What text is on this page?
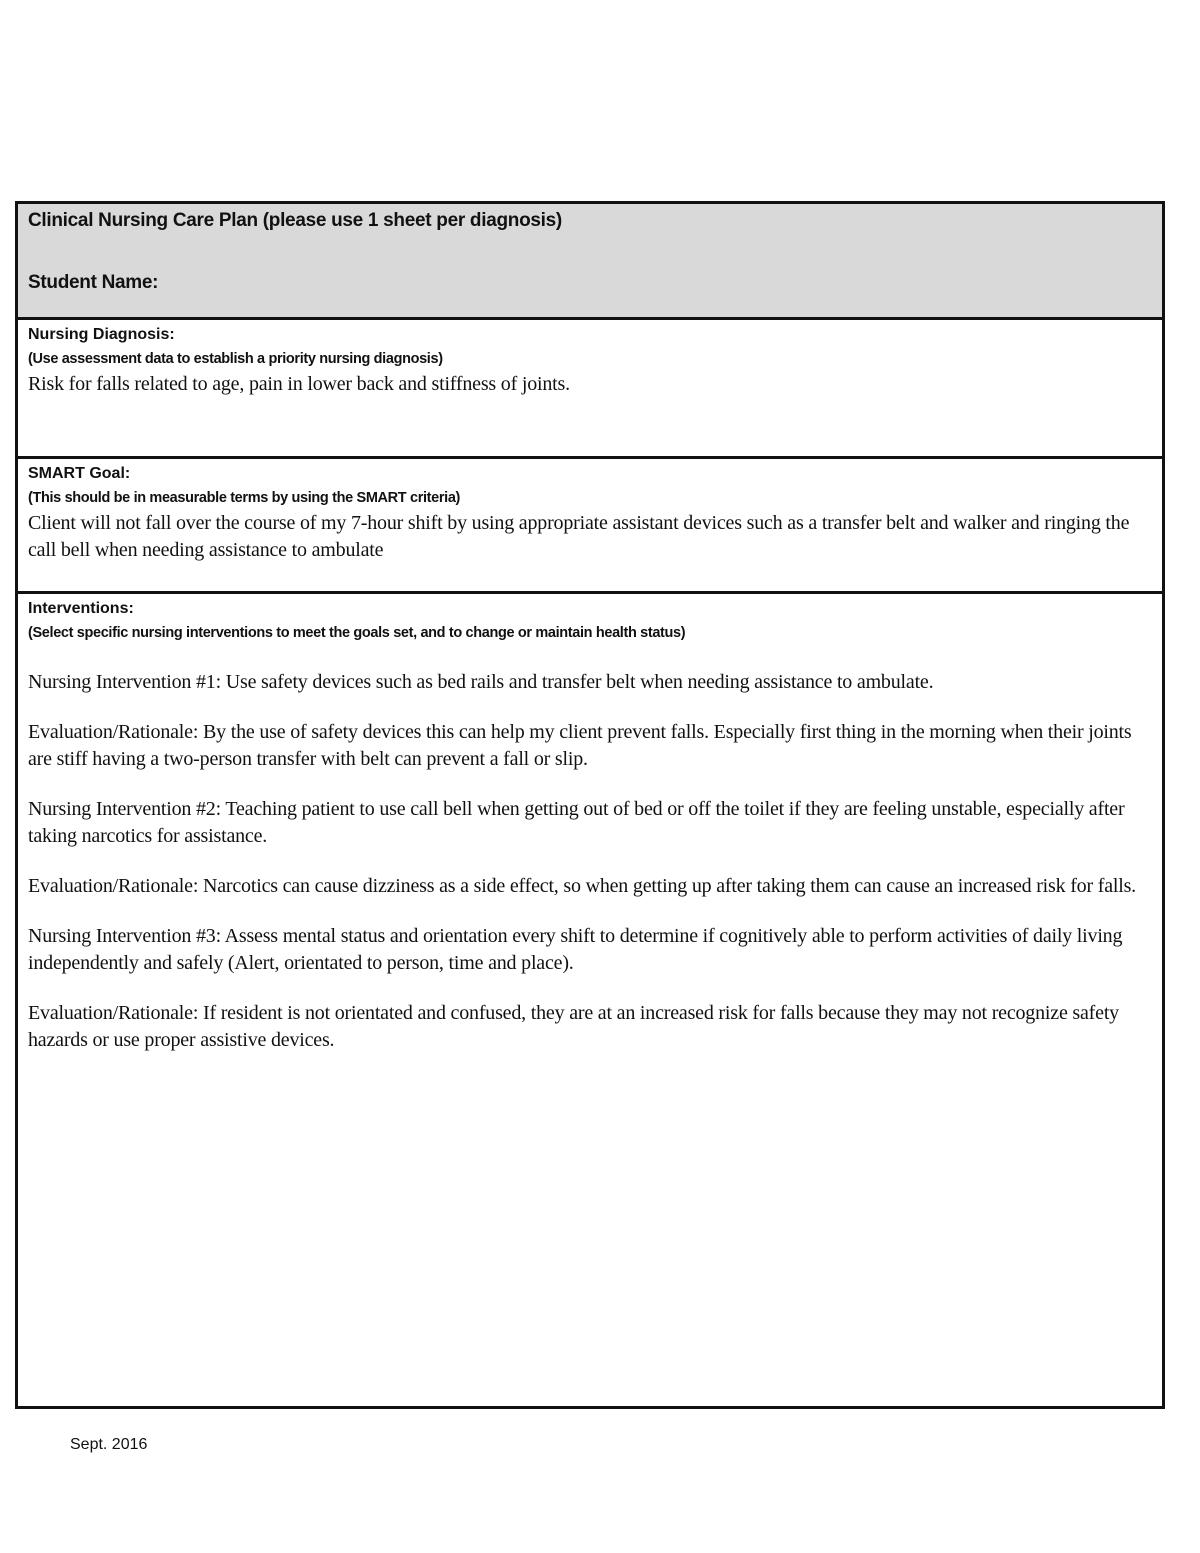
Clinical Nursing Care Plan (please use 1 sheet per diagnosis)

Student Name:

Nursing Diagnosis:

(Use assessment data to establish a priority nursing diagnosis)

Risk for falls related to age, pain in lower back and stiffness of joints.

SMART Goal:

(This should be in measurable terms by using the SMART criteria)

Client will not fall over the course of my 7-hour shift by using appropriate assistant devices such as a transfer belt and walker and ringing the call bell when needing assistance to ambulate

Interventions:

(Select specific nursing interventions to meet the goals set, and to change or maintain health status)

Nursing Intervention #1: Use safety devices such as bed rails and transfer belt when needing assistance to ambulate.

Evaluation/Rationale: By the use of safety devices this can help my client prevent falls. Especially first thing in the morning when their joints are stiff having a two-person transfer with belt can prevent a fall or slip.

Nursing Intervention #2: Teaching patient to use call bell when getting out of bed or off the toilet if they are feeling unstable, especially after taking narcotics for assistance.

Evaluation/Rationale: Narcotics can cause dizziness as a side effect, so when getting up after taking them can cause an increased risk for falls.

Nursing Intervention #3: Assess mental status and orientation every shift to determine if cognitively able to perform activities of daily living independently and safely (Alert, orientated to person, time and place).

Evaluation/Rationale: If resident is not orientated and confused, they are at an increased risk for falls because they may not recognize safety hazards or use proper assistive devices.

Sept. 2016
